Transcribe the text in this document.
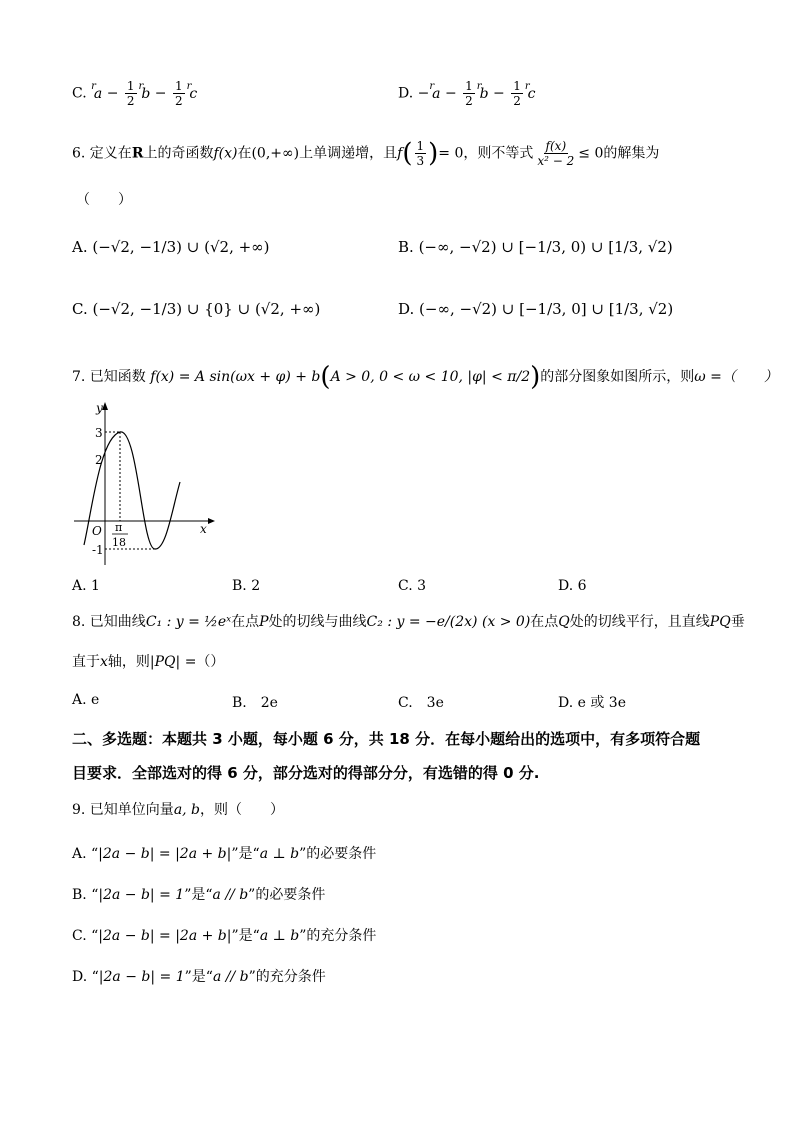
C. $^ra - \frac{1}{2} ^rb - \frac{1}{2} ^rc$	D. $-^ra - \frac{1}{2} ^rb - \frac{1}{2} ^rc$
6. 定义在R上的奇函数f(x)在(0,+∞)上单调递增，且$f( \frac{1}{3}$ )= 0，则不等式 $\frac{f(x)}{\text{x² − 2}} \le 0$的解集为
（　　）
A. (−√2, −1/3) ∪ (√2, +∞)	B. (−∞, −√2) ∪ [−1/3, 0) ∪ [1/3, √2)
C. (−√2, −1/3) ∪ {0} ∪ (√2, +∞)	D. (−∞, −√2) ∪ [−1/3, 0] ∪ [1/3, √2)
7. 已知函数 f(x) = A sin(ωx + φ) + b(A > 0, 0 < ω < 10, |φ| < π/2)的部分图象如图所示，则ω =（　　）
y
x
O
3
2
-1
π
18
A. 1	B. 2	C. 3	D. 6
8. 已知曲线C₁ : y = ½eˣ在点P处的切线与曲线C₂ : y = −e/(2x) (x > 0)在点Q处的切线平行，且直线PQ垂
直于x轴，则|PQ| =（）
A. e	B.　2e	C.　3e	D. e 或 3e
二、多选题：本题共 3 小题，每小题 6 分，共 18 分．在每小题给出的选项中，有多项符合题
目要求．全部选对的得 6 分，部分选对的得部分分，有选错的得 0 分.
9. 已知单位向量a, b，则（　　）
A. “|2a − b| = |2a + b|”是“a ⊥ b”的必要条件
B. “|2a − b| = 1”是“a // b”的必要条件
C. “|2a − b| = |2a + b|”是“a ⊥ b”的充分条件
D. “|2a − b| = 1”是“a // b”的充分条件
